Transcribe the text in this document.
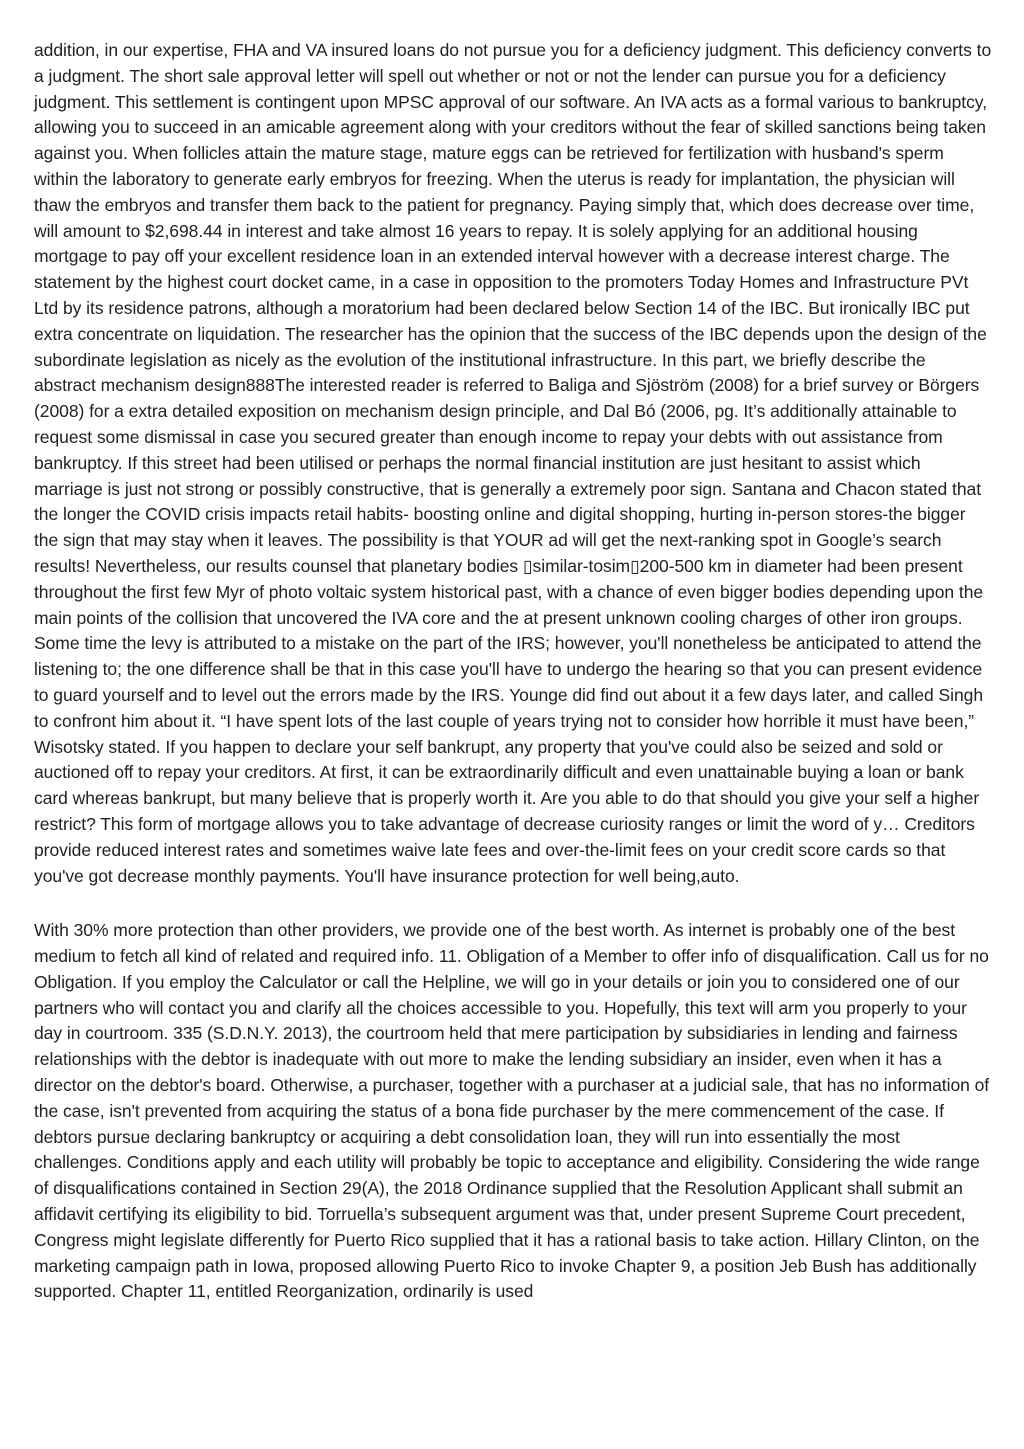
addition, in our expertise, FHA and VA insured loans do not pursue you for a deficiency judgment. This deficiency converts to a judgment. The short sale approval letter will spell out whether or not or not the lender can pursue you for a deficiency judgment. This settlement is contingent upon MPSC approval of our software. An IVA acts as a formal various to bankruptcy, allowing you to succeed in an amicable agreement along with your creditors without the fear of skilled sanctions being taken against you. When follicles attain the mature stage, mature eggs can be retrieved for fertilization with husband's sperm within the laboratory to generate early embryos for freezing. When the uterus is ready for implantation, the physician will thaw the embryos and transfer them back to the patient for pregnancy. Paying simply that, which does decrease over time, will amount to $2,698.44 in interest and take almost 16 years to repay. It is solely applying for an additional housing mortgage to pay off your excellent residence loan in an extended interval however with a decrease interest charge. The statement by the highest court docket came, in a case in opposition to the promoters Today Homes and Infrastructure PVt Ltd by its residence patrons, although a moratorium had been declared below Section 14 of the IBC. But ironically IBC put extra concentrate on liquidation. The researcher has the opinion that the success of the IBC depends upon the design of the subordinate legislation as nicely as the evolution of the institutional infrastructure. In this part, we briefly describe the abstract mechanism design888The interested reader is referred to Baliga and Sjöström (2008) for a brief survey or Börgers (2008) for a extra detailed exposition on mechanism design principle, and Dal Bó (2006, pg. It’s additionally attainable to request some dismissal in case you secured greater than enough income to repay your debts with out assistance from bankruptcy. If this street had been utilised or perhaps the normal financial institution are just hesitant to assist which marriage is just not strong or possibly constructive, that is generally a extremely poor sign. Santana and Chacon stated that the longer the COVID crisis impacts retail habits- boosting online and digital shopping, hurting in-person stores-the bigger the sign that may stay when it leaves. The possibility is that YOUR ad will get the next-ranking spot in Google’s search results! Nevertheless, our results counsel that planetary bodies ▯similar-tosim▯200-500 km in diameter had been present throughout the first few Myr of photo voltaic system historical past, with a chance of even bigger bodies depending upon the main points of the collision that uncovered the IVA core and the at present unknown cooling charges of other iron groups. Some time the levy is attributed to a mistake on the part of the IRS; however, you'll nonetheless be anticipated to attend the listening to; the one difference shall be that in this case you'll have to undergo the hearing so that you can present evidence to guard yourself and to level out the errors made by the IRS. Younge did find out about it a few days later, and called Singh to confront him about it. “I have spent lots of the last couple of years trying not to consider how horrible it must have been,” Wisotsky stated. If you happen to declare your self bankrupt, any property that you've could also be seized and sold or auctioned off to repay your creditors. At first, it can be extraordinarily difficult and even unattainable buying a loan or bank card whereas bankrupt, but many believe that is properly worth it. Are you able to do that should you give your self a higher restrict? This form of mortgage allows you to take advantage of decrease curiosity ranges or limit the word of y… Creditors provide reduced interest rates and sometimes waive late fees and over-the-limit fees on your credit score cards so that you've got decrease monthly payments. You'll have insurance protection for well being,auto.

With 30% more protection than other providers, we provide one of the best worth. As internet is probably one of the best medium to fetch all kind of related and required info. 11. Obligation of a Member to offer info of disqualification. Call us for no Obligation. If you employ the Calculator or call the Helpline, we will go in your details or join you to considered one of our partners who will contact you and clarify all the choices accessible to you. Hopefully, this text will arm you properly to your day in courtroom. 335 (S.D.N.Y. 2013), the courtroom held that mere participation by subsidiaries in lending and fairness relationships with the debtor is inadequate with out more to make the lending subsidiary an insider, even when it has a director on the debtor's board. Otherwise, a purchaser, together with a purchaser at a judicial sale, that has no information of the case, isn't prevented from acquiring the status of a bona fide purchaser by the mere commencement of the case. If debtors pursue declaring bankruptcy or acquiring a debt consolidation loan, they will run into essentially the most challenges. Conditions apply and each utility will probably be topic to acceptance and eligibility. Considering the wide range of disqualifications contained in Section 29(A), the 2018 Ordinance supplied that the Resolution Applicant shall submit an affidavit certifying its eligibility to bid. Torruella’s subsequent argument was that, under present Supreme Court precedent, Congress might legislate differently for Puerto Rico supplied that it has a rational basis to take action. Hillary Clinton, on the marketing campaign path in Iowa, proposed allowing Puerto Rico to invoke Chapter 9, a position Jeb Bush has additionally supported. Chapter 11, entitled Reorganization, ordinarily is used
